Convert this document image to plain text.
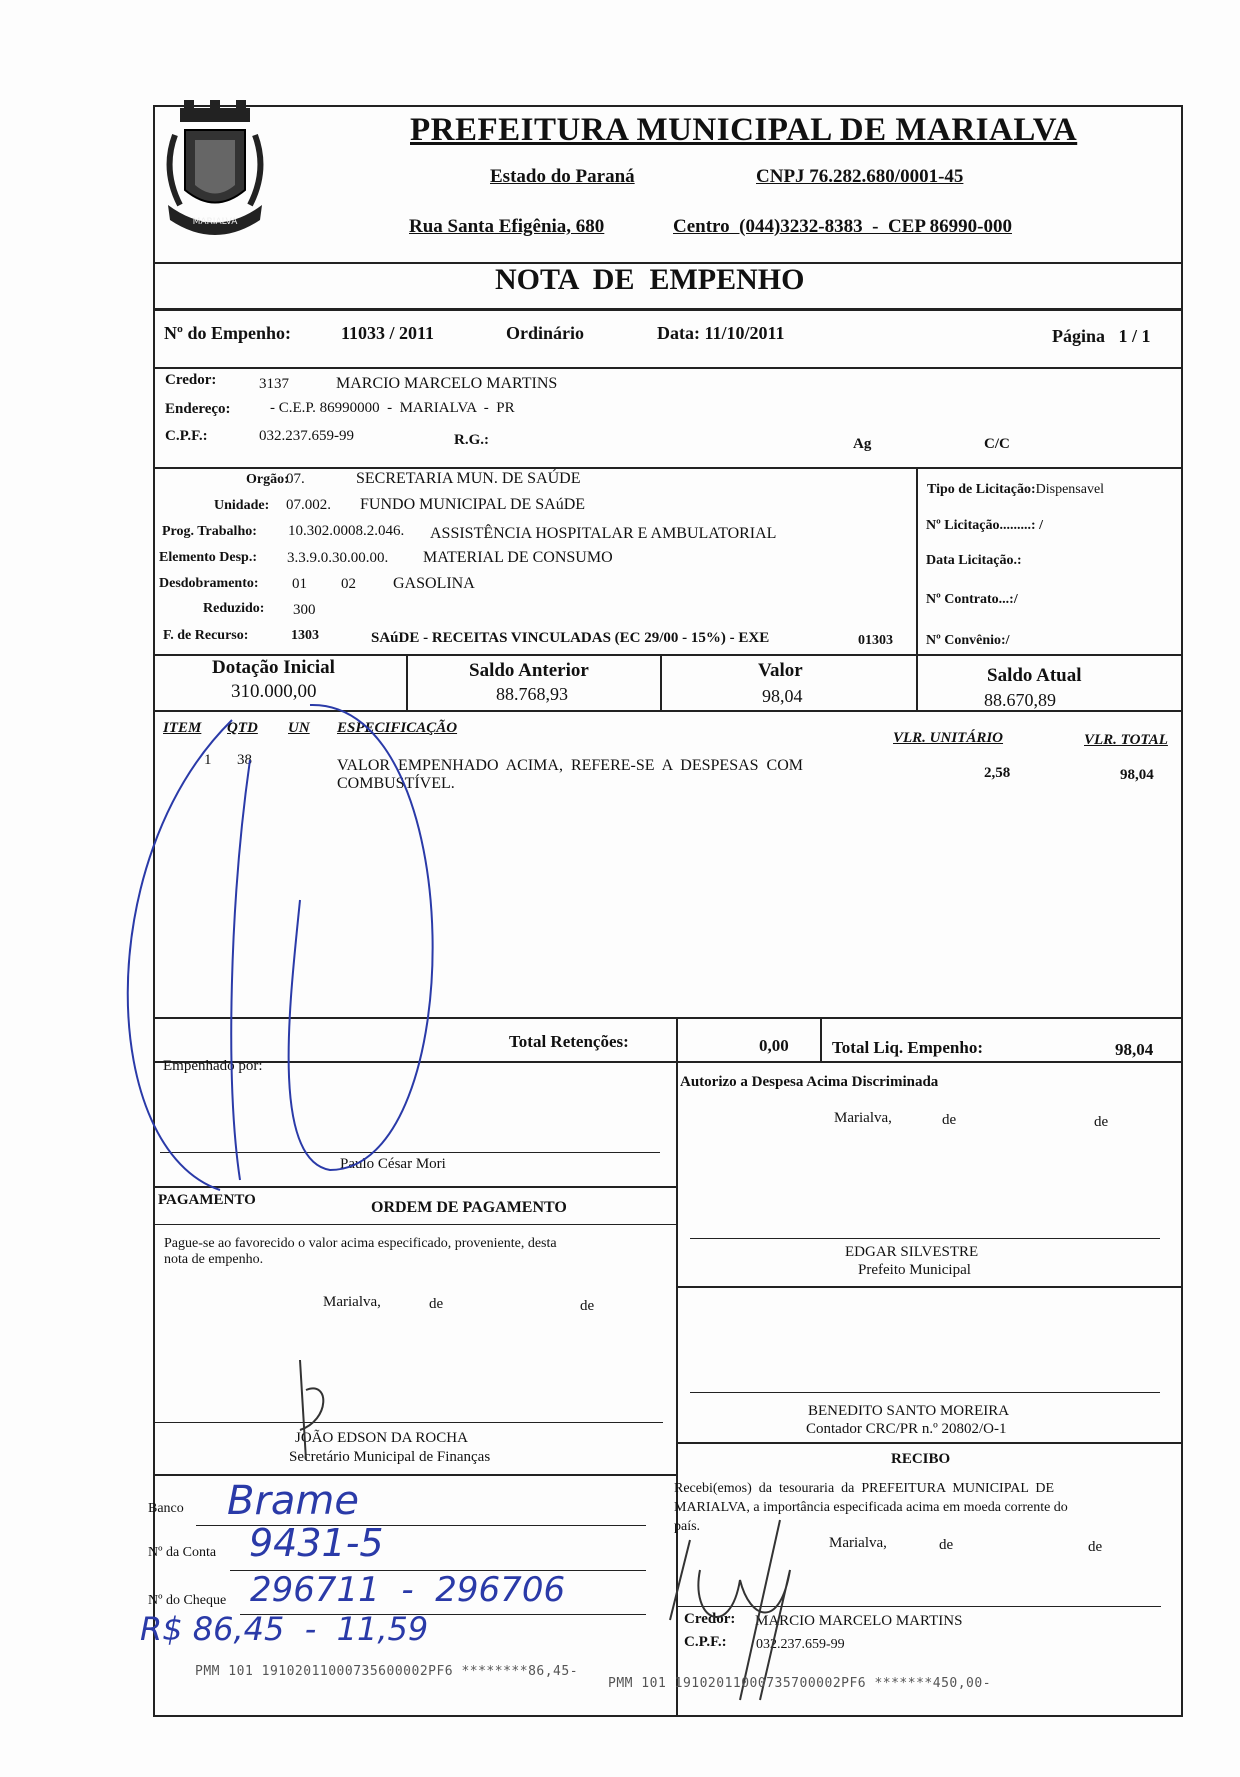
MARIALVA
PREFEITURA MUNICIPAL DE MARIALVA
Estado do Paraná	CNPJ 76.282.680/0001-45
Rua Santa Efigênia, 680	Centro  (044)3232-8383  -  CEP 86990-000
NOTA  DE  EMPENHO
Nº do Empenho:	11033 / 2011	Ordinário	Data: 11/10/2011	Página   1 / 1
Credor:	3137	MARCIO MARCELO MARTINS
Endereço:	- C.E.P. 86990000  -  MARIALVA  -  PR
C.P.F.:	032.237.659-99	R.G.:	Ag	C/C
Orgão:
07.	SECRETARIA MUN. DE SAÚDE
Unidade: 07.002. FUNDO MUNICIPAL DE SAúDE
Prog. Trabalho: 10.302.0008.2.046. ASSISTÊNCIA HOSPITALAR E AMBULATORIAL
Elemento Desp.: 3.3.9.0.30.00.00. MATERIAL DE CONSUMO
Desdobramento: 01 02 GASOLINA
Reduzido: 300
F. de Recurso:	1303	SAúDE - RECEITAS VINCULADAS (EC 29/00 - 15%) - EXE	01303
Tipo de Licitação:Dispensavel
Nº Licitação.........: /
Data Licitação.:
Nº Contrato...:/
Nº Convênio:/
Dotação Inicial
310.000,00
Saldo Anterior
88.768,93
Valor
98,04
Saldo Atual
88.670,89
ITEM QTD UN ESPECIFICAÇÃO
VLR. UNITÁRIO	VLR. TOTAL
1 38	VALOR  EMPENHADO  ACIMA,  REFERE-SE  A  DESPESAS  COM
COMBUSTÍVEL.
2,58	98,04
Total Retenções:	0,00	Total Liq. Empenho:	98,04
Empenhado por:
Paulo César Mori
Autorizo a Despesa Acima Discriminada
Marialva,	de	de
EDGAR SILVESTRE
Prefeito Municipal
BENEDITO SANTO MOREIRA
Contador CRC/PR n.º 20802/O-1
PAGAMENTO	ORDEM DE PAGAMENTO
Pague-se ao favorecido o valor acima especificado, proveniente, desta
nota de empenho.
Marialva,	de	de
JOÃO EDSON DA ROCHA
Secretário Municipal de Finanças
Banco Brame
Nº da Conta 9431-5
Nº do Cheque 296711  -  296706
R$ 86,45  -  11,59
RECIBO
Recebi(emos)  da  tesouraria  da  PREFEITURA  MUNICIPAL  DE
MARIALVA, a importância especificada acima em moeda corrente do
país.
Marialva,	de	de
Credor: MARCIO MARCELO MARTINS
C.P.F.: 032.237.659-99
PMM 101 19102011000735600002PF6 ********86,45-
PMM 101 19102011000735700002PF6 *******450,00-
